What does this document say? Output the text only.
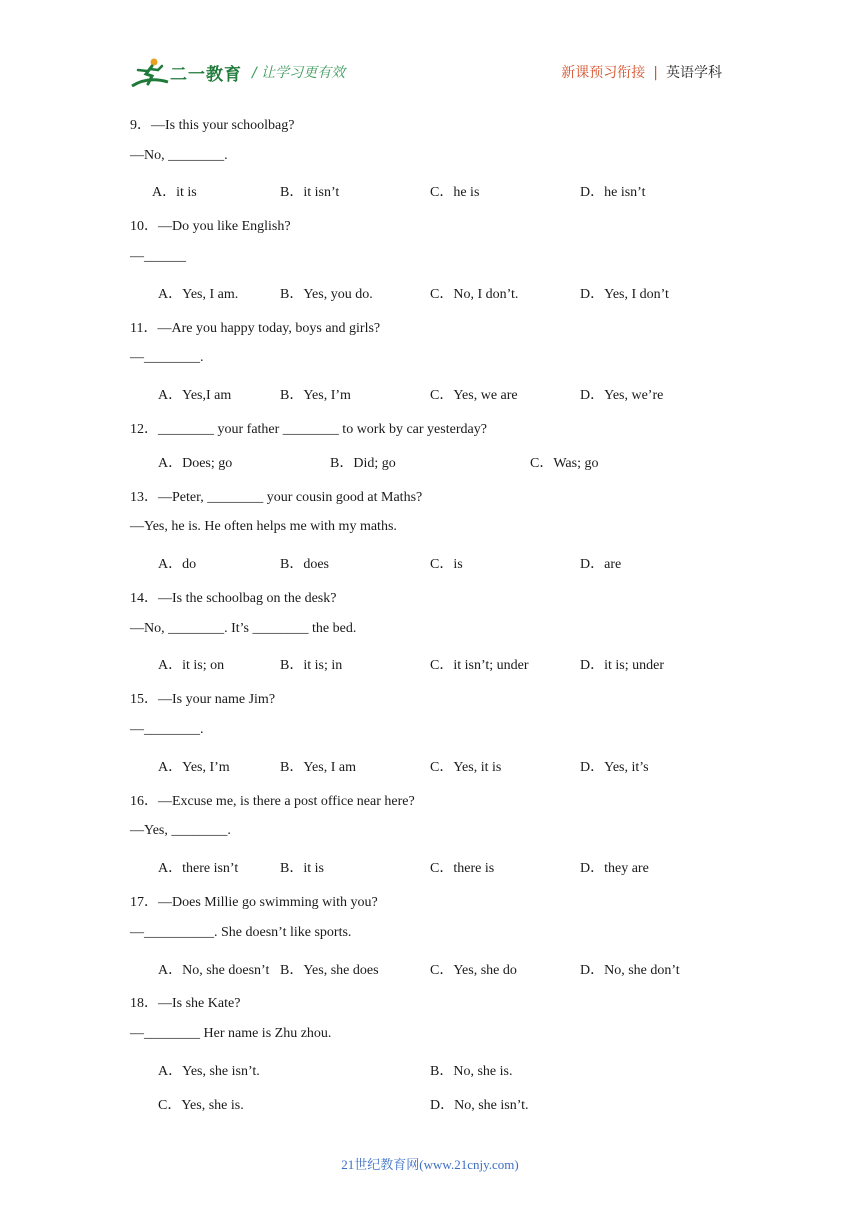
二一教育 / 让学习更有效	新课预习衔接 | 英语学科
9．—Is this your schoolbag?
—No, ________.
A．it is	B．it isn’t	C．he is	D．he isn’t
10．—Do you like English?
—______
A．Yes, I am.	B．Yes, you do.	C．No, I don’t.	D．Yes, I don’t
11．—Are you happy today, boys and girls?
—________.
A．Yes,I am	B．Yes, I’m	C．Yes, we are	D．Yes, we’re
12．________ your father ________ to work by car yesterday?
A．Does; go	B．Did; go	C．Was; go
13．—Peter, ________ your cousin good at Maths?
—Yes, he is. He often helps me with my maths.
A．do	B．does	C．is	D．are
14．—Is the schoolbag on the desk?
—No, ________. It’s ________ the bed.
A．it is; on	B．it is; in	C．it isn’t; under	D．it is; under
15．—Is your name Jim?
—________.
A．Yes, I’m	B．Yes, I am	C．Yes, it is	D．Yes, it’s
16．—Excuse me, is there a post office near here?
—Yes, ________.
A．there isn’t	B．it is	C．there is	D．they are
17．—Does Millie go swimming with you?
—__________. She doesn’t like sports.
A．No, she doesn’t B．Yes, she does	C．Yes, she do	D．No, she don’t
18．—Is she Kate?
—________ Her name is Zhu zhou.
A．Yes, she isn’t.	B．No, she is.
C．Yes, she is.	D．No, she isn’t.
21世纪教育网(www.21cnjy.com)
